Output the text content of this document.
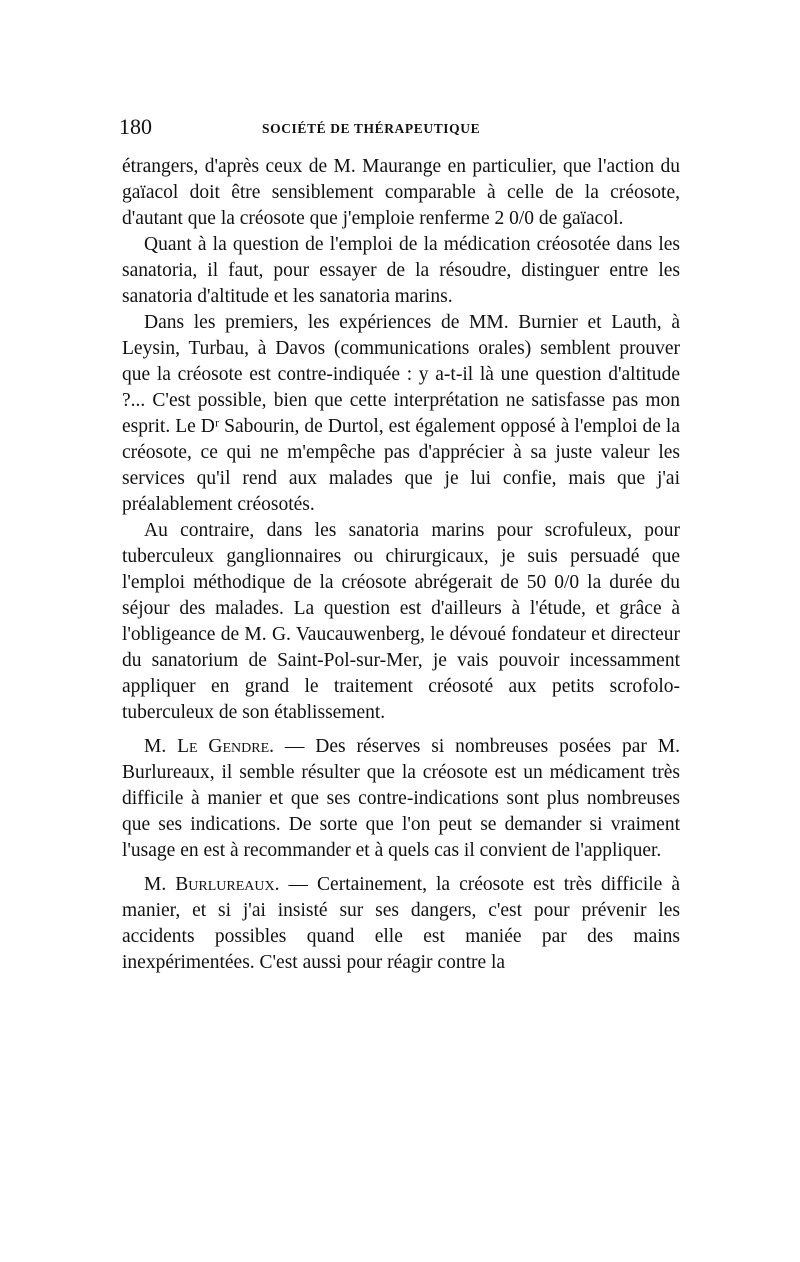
180	SOCIÉTÉ DE THÉRAPEUTIQUE

étrangers, d'après ceux de M. Maurange en particulier, que l'action du gaïacol doit être sensiblement comparable à celle de la créosote, d'autant que la créosote que j'emploie renferme 2 0/0 de gaïacol.

Quant à la question de l'emploi de la médication créosotée dans les sanatoria, il faut, pour essayer de la résoudre, distinguer entre les sanatoria d'altitude et les sanatoria marins.

Dans les premiers, les expériences de MM. Burnier et Lauth, à Leysin, Turbau, à Davos (communications orales) semblent prouver que la créosote est contre-indiquée : y a-t-il là une question d'altitude ?... C'est possible, bien que cette interprétation ne satisfasse pas mon esprit. Le Dʳ Sabourin, de Durtol, est également opposé à l'emploi de la créosote, ce qui ne m'empêche pas d'apprécier à sa juste valeur les services qu'il rend aux malades que je lui confie, mais que j'ai préalablement créosotés.

Au contraire, dans les sanatoria marins pour scrofuleux, pour tuberculeux ganglionnaires ou chirurgicaux, je suis persuadé que l'emploi méthodique de la créosote abrégerait de 50 0/0 la durée du séjour des malades. La question est d'ailleurs à l'étude, et grâce à l'obligeance de M. G. Vaucauwenberg, le dévoué fondateur et directeur du sanatorium de Saint-Pol-sur-Mer, je vais pouvoir incessamment appliquer en grand le traitement créosoté aux petits scrofolo-tuberculeux de son établissement.

M. Le Gendre. — Des réserves si nombreuses posées par M. Burlureaux, il semble résulter que la créosote est un médicament très difficile à manier et que ses contre-indications sont plus nombreuses que ses indications. De sorte que l'on peut se demander si vraiment l'usage en est à recommander et à quels cas il convient de l'appliquer.

M. Burlureaux. — Certainement, la créosote est très difficile à manier, et si j'ai insisté sur ses dangers, c'est pour prévenir les accidents possibles quand elle est maniée par des mains inexpérimentées. C'est aussi pour réagir contre la
